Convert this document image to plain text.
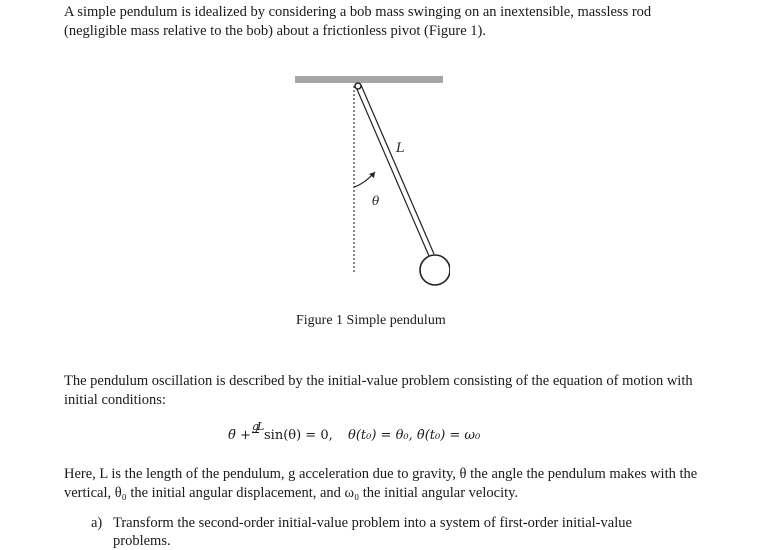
A simple pendulum is idealized by considering a bob mass swinging on an inextensible, massless rod (negligible mass relative to the bob) about a frictionless pivot (Figure 1).

L
θ
Figure 1 Simple pendulum

The pendulum oscillation is described by the initial-value problem consisting of the equation of motion with initial conditions:

θ̈ +
g
L
sin(θ) = 0, θ(t₀) = θ₀, θ̇(t₀) = ω₀

Here, L is the length of the pendulum, g acceleration due to gravity, θ the angle the pendulum makes with the vertical, θ₀ the initial angular displacement, and ω₀ the initial angular velocity.

a) Transform the second-order initial-value problem into a system of first-order initial-value problems.
